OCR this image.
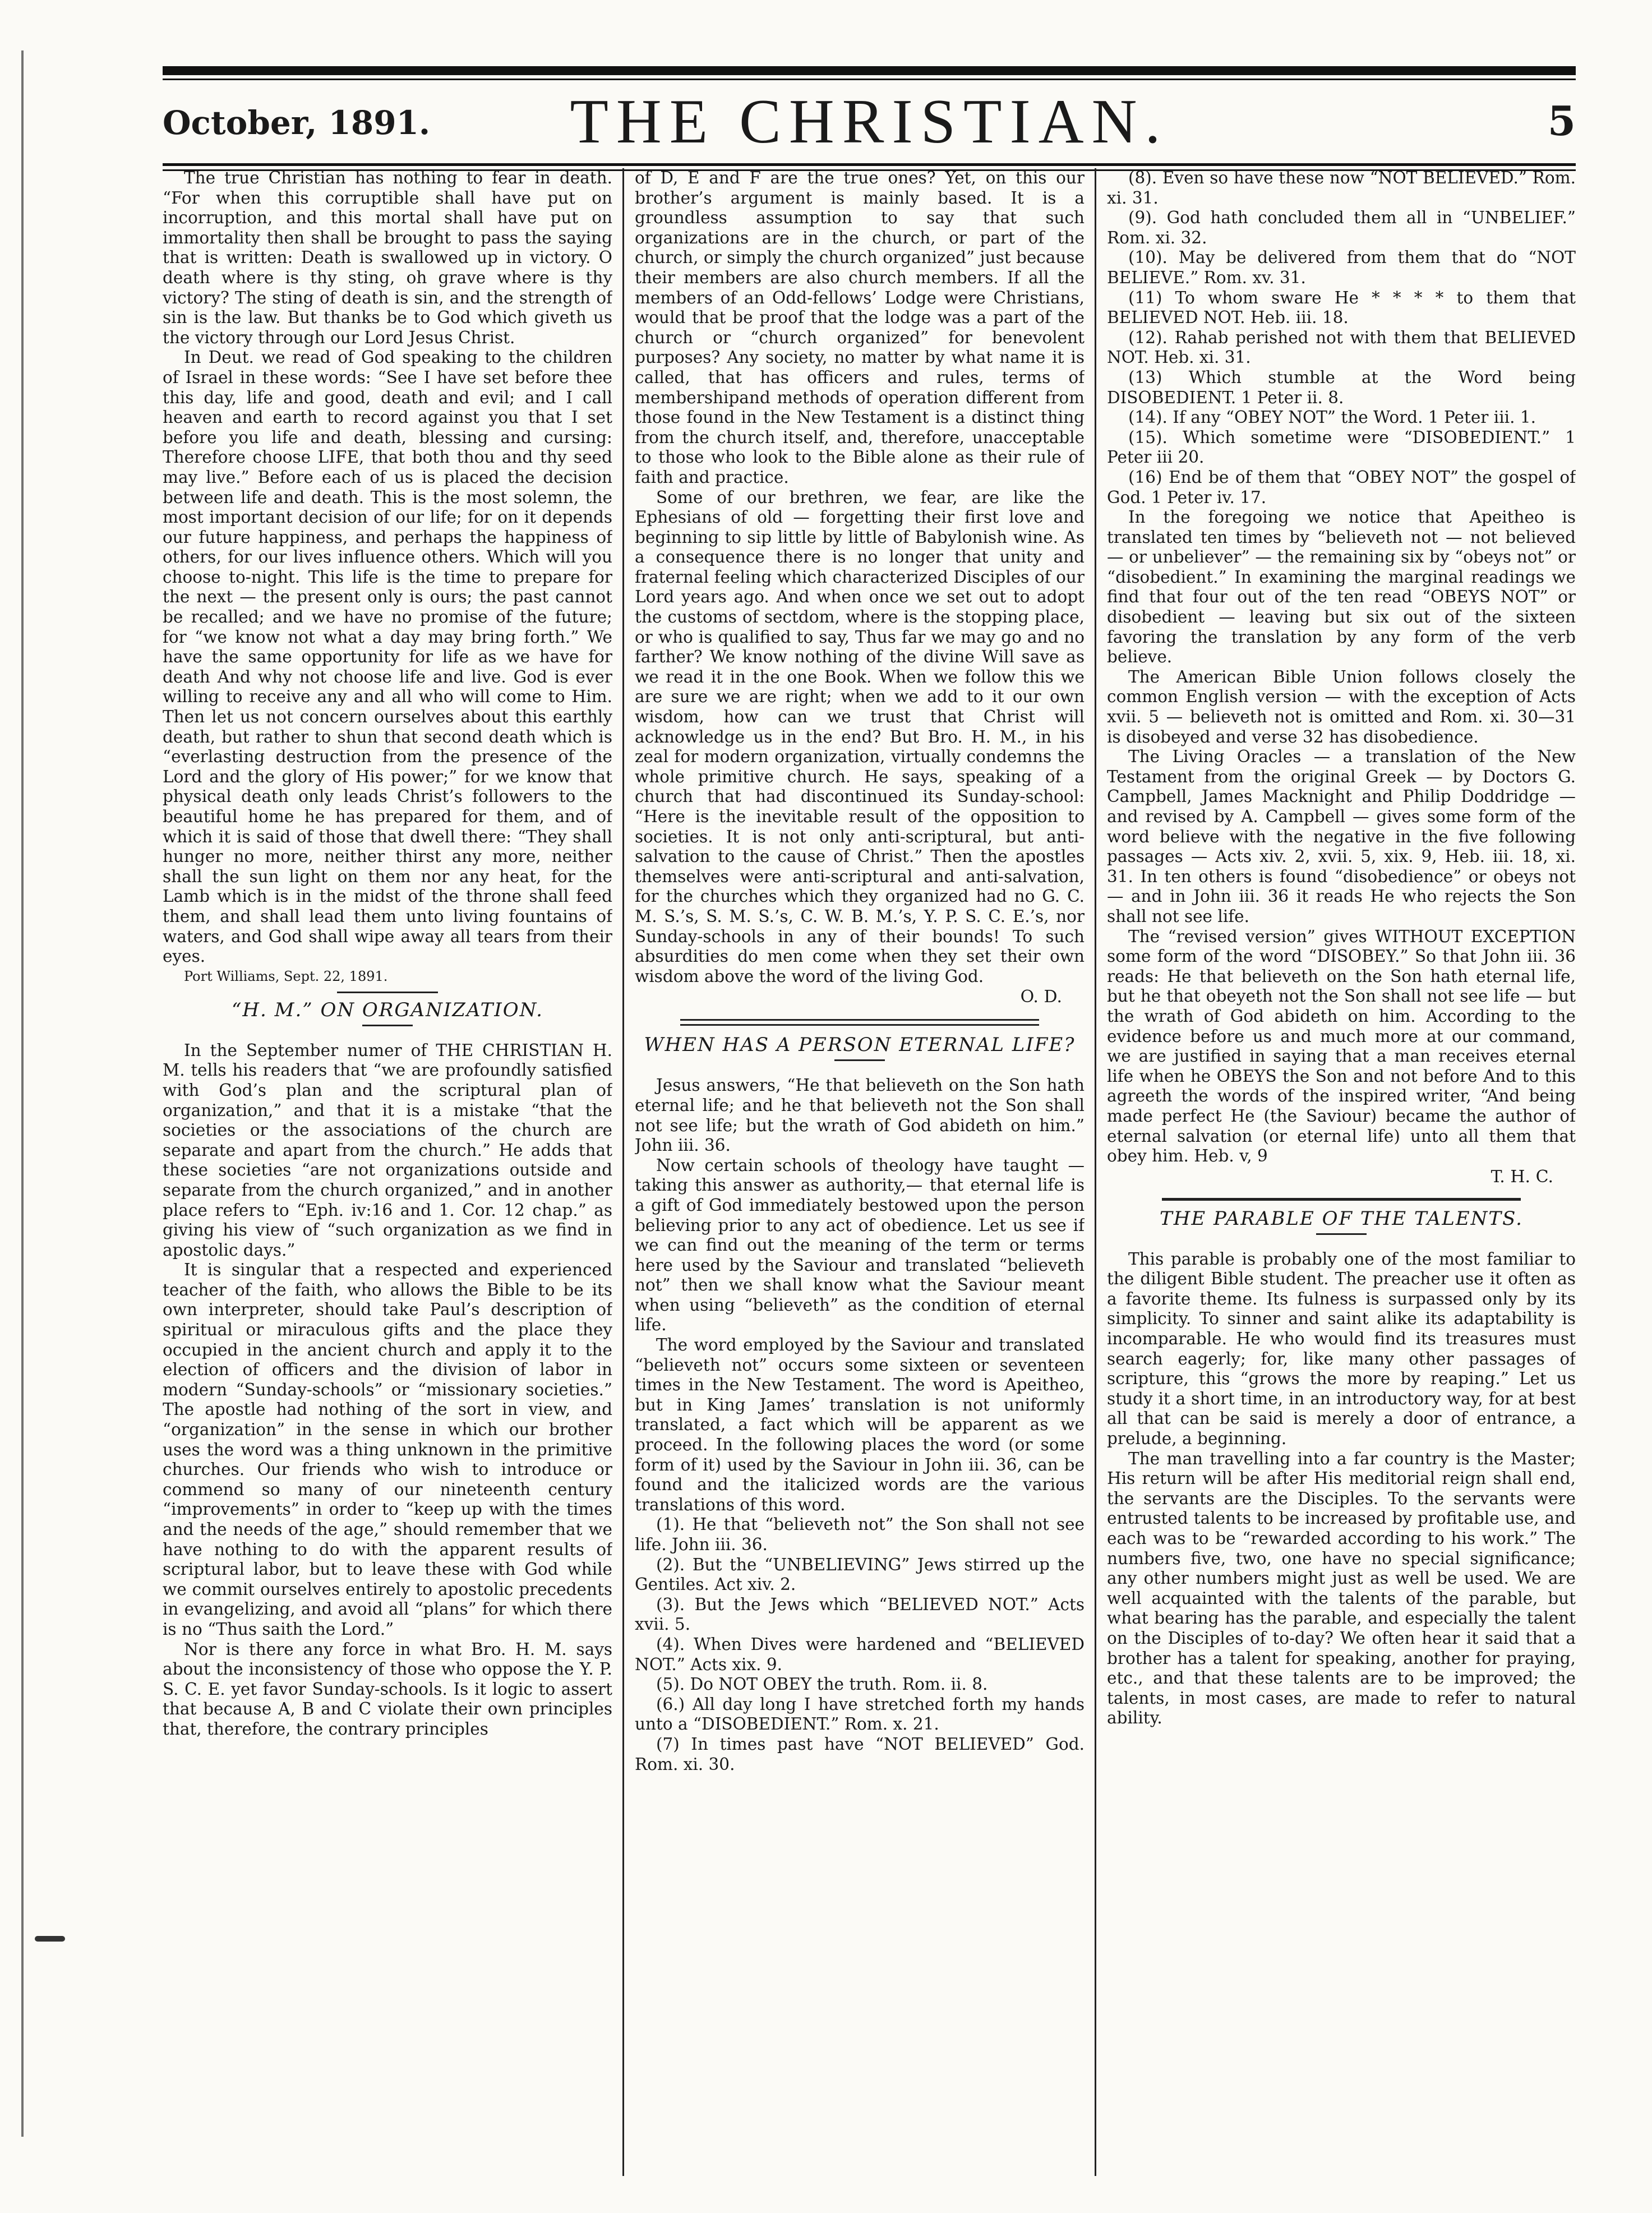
October, 1891.	THE CHRISTIAN.	5

The true Christian has nothing to fear in death. “For when this corruptible shall have put on incorruption, and this mortal shall have put on immortality then shall be brought to pass the saying that is written: Death is swallowed up in victory. O death where is thy sting, oh grave where is thy victory? The sting of death is sin, and the strength of sin is the law. But thanks be to God which giveth us the victory through our Lord Jesus Christ.

In Deut. we read of God speaking to the children of Israel in these words: “See I have set before thee this day, life and good, death and evil; and I call heaven and earth to record against you that I set before you life and death, blessing and cursing: Therefore choose LIFE, that both thou and thy seed may live.” Before each of us is placed the decision between life and death. This is the most solemn, the most important decision of our life; for on it depends our future happiness, and perhaps the happiness of others, for our lives influence others. Which will you choose to-night. This life is the time to prepare for the next — the present only is ours; the past cannot be recalled; and we have no promise of the future; for “we know not what a day may bring forth.” We have the same opportunity for life as we have for death And why not choose life and live. God is ever willing to receive any and all who will come to Him. Then let us not concern ourselves about this earthly death, but rather to shun that second death which is “everlasting destruction from the presence of the Lord and the glory of His power;” for we know that physical death only leads Christ’s followers to the beautiful home he has prepared for them, and of which it is said of those that dwell there: “They shall hunger no more, neither thirst any more, neither shall the sun light on them nor any heat, for the Lamb which is in the midst of the throne shall feed them, and shall lead them unto living fountains of waters, and God shall wipe away all tears from their eyes.

Port Williams, Sept. 22, 1891.
“H. M.” ON ORGANIZATION.

In the September numer of THE CHRISTIAN H. M. tells his readers that “we are profoundly satisfied with God’s plan and the scriptural plan of organization,” and that it is a mistake “that the societies or the associations of the church are separate and apart from the church.” He adds that these societies “are not organizations outside and separate from the church organized,” and in another place refers to “Eph. iv:16 and 1. Cor. 12 chap.” as giving his view of “such organization as we find in apostolic days.”

It is singular that a respected and experienced teacher of the faith, who allows the Bible to be its own interpreter, should take Paul’s description of spiritual or miraculous gifts and the place they occupied in the ancient church and apply it to the election of officers and the division of labor in modern “Sunday-schools” or “missionary societies.” The apostle had nothing of the sort in view, and “organization” in the sense in which our brother uses the word was a thing unknown in the primitive churches. Our friends who wish to introduce or commend so many of our nineteenth century “improvements” in order to “keep up with the times and the needs of the age,” should remember that we have nothing to do with the apparent results of scriptural labor, but to leave these with God while we commit ourselves entirely to apostolic precedents in evangelizing, and avoid all “plans” for which there is no “Thus saith the Lord.”

Nor is there any force in what Bro. H. M. says about the inconsistency of those who oppose the Y. P. S. C. E. yet favor Sunday-schools. Is it logic to assert that because A, B and C violate their own principles that, therefore, the contrary principles

of D, E and F are the true ones? Yet, on this our brother’s argument is mainly based. It is a groundless assumption to say that such organizations are in the church, or part of the church, or simply the church organized” just because their members are also church members. If all the members of an Odd-fellows’ Lodge were Christians, would that be proof that the lodge was a part of the church or “church organized” for benevolent purposes? Any society, no matter by what name it is called, that has officers and rules, terms of membershipand methods of operation different from those found in the New Testament is a distinct thing from the church itself, and, therefore, unacceptable to those who look to the Bible alone as their rule of faith and practice.

Some of our brethren, we fear, are like the Ephesians of old — forgetting their first love and beginning to sip little by little of Babylonish wine. As a consequence there is no longer that unity and fraternal feeling which characterized Disciples of our Lord years ago. And when once we set out to adopt the customs of sectdom, where is the stopping place, or who is qualified to say, Thus far we may go and no farther? We know nothing of the divine Will save as we read it in the one Book. When we follow this we are sure we are right; when we add to it our own wisdom, how can we trust that Christ will acknowledge us in the end? But Bro. H. M., in his zeal for modern organization, virtually condemns the whole primitive church. He says, speaking of a church that had discontinued its Sunday-school: “Here is the inevitable result of the opposition to societies. It is not only anti-scriptural, but anti-salvation to the cause of Christ.” Then the apostles themselves were anti-scriptural and anti-salvation, for the churches which they organized had no G. C. M. S.’s, S. M. S.’s, C. W. B. M.’s, Y. P. S. C. E.’s, nor Sunday-schools in any of their bounds! To such absurdities do men come when they set their own wisdom above the word of the living God.

O. D.
WHEN HAS A PERSON ETERNAL LIFE?

Jesus answers, “He that believeth on the Son hath eternal life; and he that believeth not the Son shall not see life; but the wrath of God abideth on him.” John iii. 36.

Now certain schools of theology have taught — taking this answer as authority,— that eternal life is a gift of God immediately bestowed upon the person believing prior to any act of obedience. Let us see if we can find out the meaning of the term or terms here used by the Saviour and translated “believeth not” then we shall know what the Saviour meant when using “believeth” as the condition of eternal life.

The word employed by the Saviour and translated “believeth not” occurs some sixteen or seventeen times in the New Testament. The word is Apeitheo, but in King James’ translation is not uniformly translated, a fact which will be apparent as we proceed. In the following places the word (or some form of it) used by the Saviour in John iii. 36, can be found and the italicized words are the various translations of this word.

(1). He that “believeth not” the Son shall not see life. John iii. 36.

(2). But the “UNBELIEVING” Jews stirred up the Gentiles. Act xiv. 2.

(3). But the Jews which “BELIEVED NOT.” Acts xvii. 5.

(4). When Dives were hardened and “BELIEVED NOT.” Acts xix. 9.

(5). Do NOT OBEY the truth. Rom. ii. 8.

(6.) All day long I have stretched forth my hands unto a “DISOBEDIENT.” Rom. x. 21.

(7) In times past have “NOT BELIEVED” God. Rom. xi. 30.

(8). Even so have these now “NOT BELIEVED.” Rom. xi. 31.

(9). God hath concluded them all in “UNBELIEF.” Rom. xi. 32.

(10). May be delivered from them that do “NOT BELIEVE.” Rom. xv. 31.

(11) To whom sware He * * * * to them that BELIEVED NOT. Heb. iii. 18.

(12). Rahab perished not with them that BELIEVED NOT. Heb. xi. 31.

(13) Which stumble at the Word being DISOBEDIENT. 1 Peter ii. 8.

(14). If any “OBEY NOT” the Word. 1 Peter iii. 1.

(15). Which sometime were “DISOBEDIENT.” 1 Peter iii 20.

(16) End be of them that “OBEY NOT” the gospel of God. 1 Peter iv. 17.

In the foregoing we notice that Apeitheo is translated ten times by “believeth not — not believed — or unbeliever” — the remaining six by “obeys not” or “disobedient.” In examining the marginal readings we find that four out of the ten read “OBEYS NOT” or disobedient — leaving but six out of the sixteen favoring the translation by any form of the verb believe.

The American Bible Union follows closely the common English version — with the exception of Acts xvii. 5 — believeth not is omitted and Rom. xi. 30—31 is disobeyed and verse 32 has disobedience.

The Living Oracles — a translation of the New Testament from the original Greek — by Doctors G. Campbell, James Macknight and Philip Doddridge — and revised by A. Campbell — gives some form of the word believe with the negative in the five following passages — Acts xiv. 2, xvii. 5, xix. 9, Heb. iii. 18, xi. 31. In ten others is found “disobedience” or obeys not — and in John iii. 36 it reads He who rejects the Son shall not see life.

The “revised version” gives WITHOUT EXCEPTION some form of the word “DISOBEY.” So that John iii. 36 reads: He that believeth on the Son hath eternal life, but he that obeyeth not the Son shall not see life — but the wrath of God abideth on him. According to the evidence before us and much more at our command, we are justified in saying that a man receives eternal life when he OBEYS the Son and not before And to this agreeth the words of the inspired writer, “And being made perfect He (the Saviour) became the author of eternal salvation (or eternal life) unto all them that obey him. Heb. v, 9

T. H. C.
THE PARABLE OF THE TALENTS.

This parable is probably one of the most familiar to the diligent Bible student. The preacher use it often as a favorite theme. Its fulness is surpassed only by its simplicity. To sinner and saint alike its adaptability is incomparable. He who would find its treasures must search eagerly; for, like many other passages of scripture, this “grows the more by reaping.” Let us study it a short time, in an introductory way, for at best all that can be said is merely a door of entrance, a prelude, a beginning.

The man travelling into a far country is the Master; His return will be after His meditorial reign shall end, the servants are the Disciples. To the servants were entrusted talents to be increased by profitable use, and each was to be “rewarded according to his work.” The numbers five, two, one have no special significance; any other numbers might just as well be used. We are well acquainted with the talents of the parable, but what bearing has the parable, and especially the talent on the Disciples of to-day? We often hear it said that a brother has a talent for speaking, another for praying, etc., and that these talents are to be improved; the talents, in most cases, are made to refer to natural ability.
